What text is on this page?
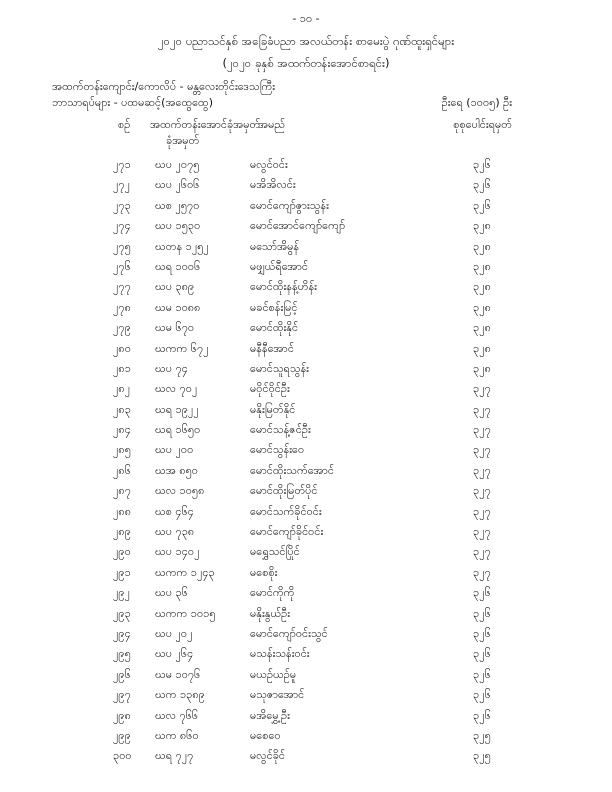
- ၁၀ -
၂၀၂၀ ပညာသင်နှစ် အခြေခံပညာ အလယ်တန်း စာမေးပွဲ ဂုဏ်ထူးရှင်များ
(၂၀၂၀ ခုနှစ် အထက်တန်းအောင်စာရင်း)
အထက်တန်းကျောင်း/ကောလိပ် - မန္တလေးတိုင်းဒေသကြီး
ဘာသာရပ်များ - ပထမဆင့်(အထွေထွေ)	ဦးရေ (၁၀၀၅) ဦး
စဉ် အထက်တန်းအောင်ခုံအမှတ်
ခုံအမှတ်
အမည်	စုစုပေါင်းရမှတ်
၂၇၁ ဃပ ၂၀၇၅	မလွင်ဝင်း	၃၂၆
၂၇၂ ဃပ ၂၆၀၆	မအိအိလင်း	၃၂၆
၂၇၃ ဃစ ၂၅၇၀	မောင်ကျော်ဇွားသွန်း	၃၂၆
၂၇၄ ဃပ ၁၅၃၀	မောင်အောင်ကျော်ကျော်	၃၂၈
၂၇၅ ဃတန ၁၂၅၂	မသော်အိမွန်	၃၂၈
၂၇၆ ဃရ ၁၀၀၆	မဖျှယ်ရီအောင်	၃၂၈
၂၇၇ ဃပ ၃၈၉	မောင်ထိုးနန့်ဟိန်း	၃၂၈
၂၇၈ ဃမ ၁၀၈၈	မခင်စန်းမြင့်	၃၂၈
၂၇၉ ဃမ ၆၇၀	မောင်ထိုးနိုင်	၃၂၈
၂၈၀ ဃကက ၆၇၂	မနီနီအောင်	၃၂၈
၂၈၁ ဃပ ၇၄	မောင်သူရသွန်း	၃၂၈
၂၈၂ ဃလ ၇၀၂	မဝိုင်ဝိုင်ဦး	၃၂၇
၂၈၃ ဃရ ၁၉၂၂	မနိုးမြတ်နိုင်	၃၂၇
၂၈၄ ဃရ ၁၆၅၀	မောင်သန့်ဇင်ဦး	၃၂၇
၂၈၅ ဃပ ၂၀၀	မောင်သွန်းဝေ	၃၂၇
၂၈၆ ဃအ ၈၅၀	မောင်ထိုးသက်အောင်	၃၂၇
၂၈၇ ဃလ ၁၀၅၈	မောင်ထိုးမြတ်ပိုင်	၃၂၇
၂၈၈ ဃစ ၄၆၄	မောင်သက်ခိုင်ဝင်း	၃၂၇
၂၈၉ ဃပ ၇၃၈	မောင်ကျော်ခိုင်ဝင်း	၃၂၇
၂၉၀ ဃပ ၁၄၀၂	မရွှေသင်ပြိုင်	၃၂၇
၂၉၁ ဃကက ၁၂၄၃	မစေစိုး	၃၂၇
၂၉၂ ဃပ ၃၆	မောင်ကိုကို	၃၂၆
၂၉၃ ဃကက ၁၀၁၅	မနိုးနွယ်ဦး	၃၂၆
၂၉၄ ဃပ ၂၀၂	မောင်ကျော်ဝင်းသွင်	၃၂၆
၂၉၅ ဃပ ၂၆၄	မသန်းသန်းဝင်း	၃၂၆
၂၉၆ ဃမ ၁၀၇၆	မယဉ်ယဉ်မူ	၃၂၆
၂၉၇ ဃက ၁၃၈၉	မသုဇာအောင်	၃၂၆
၂၉၈ ဃလ ၇၆၆	မအိမွှေ့ဦး	၃၂၆
၂၉၉ ဃက ၈၆၀	မစေဝေ	၃၂၅
၃၀၀ ဃရ ၇၂၇	မလွင်ခိုင်	၃၂၅
